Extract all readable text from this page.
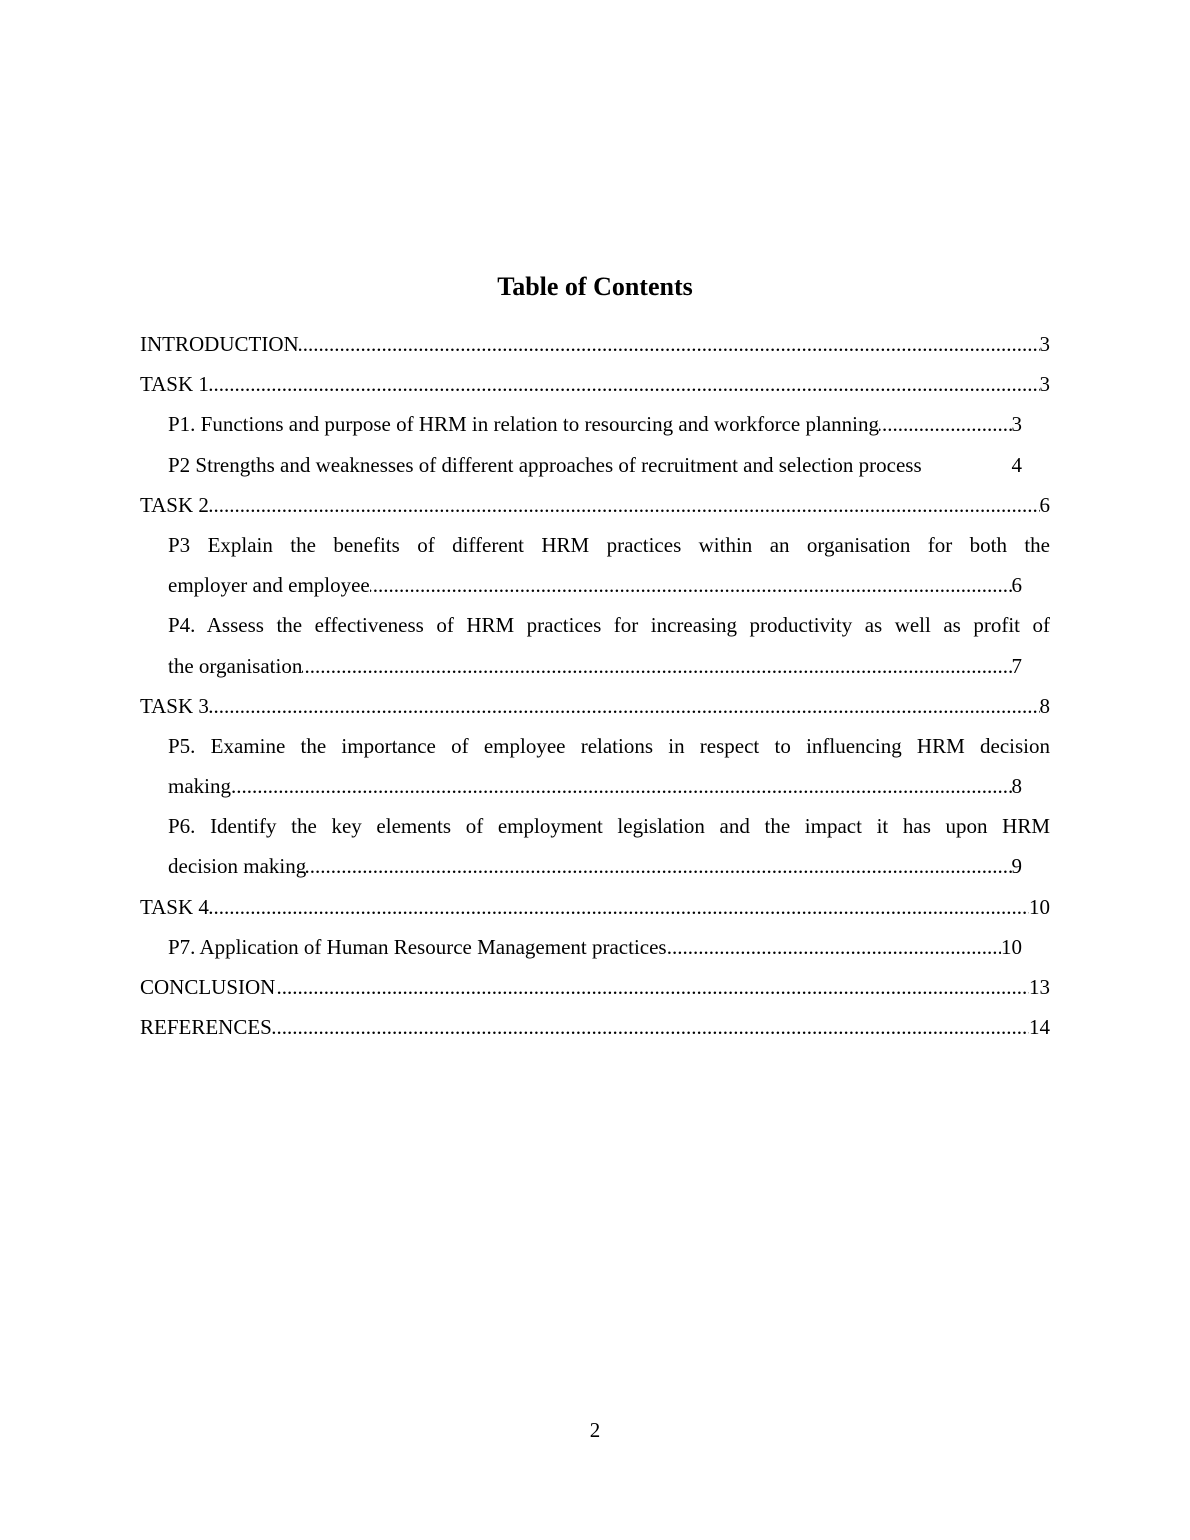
Table of Contents
.....
INTRODUCTION	3
.....
TASK 1	3
.....
P1. Functions and purpose of HRM in relation to resourcing and workforce planning	3
P2 Strengths and weaknesses of different approaches of recruitment and selection process	4
.....
TASK 2	6
P3 Explain the benefits of different HRM practices within an organisation for both the
.....
employer and employee	6
P4. Assess the effectiveness of HRM practices for increasing productivity as well as profit of
.....
the organisation	7
.....
TASK 3	8
P5. Examine the importance of employee relations in respect to influencing HRM decision
.....
making	8
P6. Identify the key elements of employment legislation and the impact it has upon HRM
.....
decision making	9
.....
TASK 4	10
.....
P7. Application of Human Resource Management practices	10
.....
CONCLUSION	13
.....
REFERENCES	14
2
